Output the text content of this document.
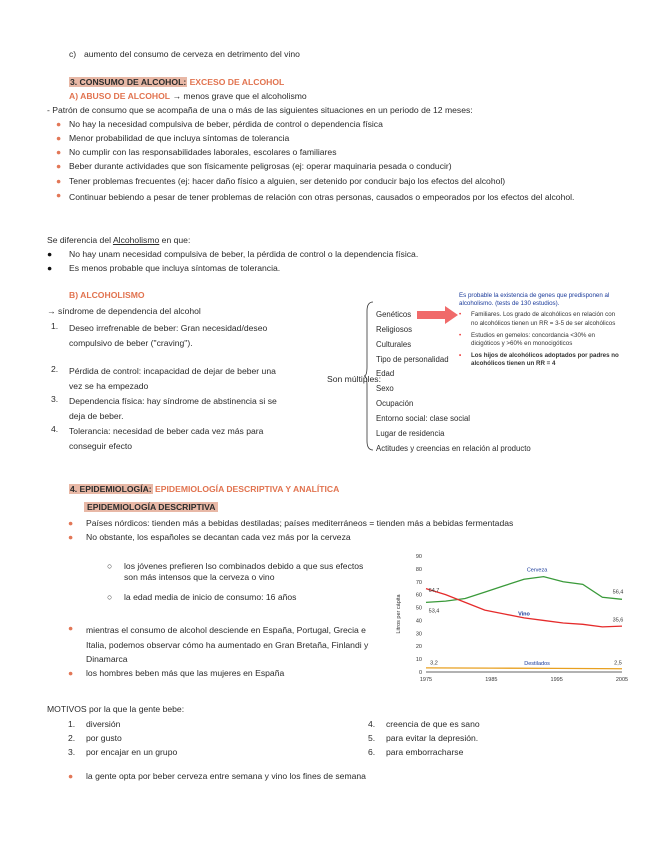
c) aumento del consumo de cerveza en detrimento del vino
3. CONSUMO DE ALCOHOL: EXCESO DE ALCOHOL
A) ABUSO DE ALCOHOL → menos grave que el alcoholismo
- Patrón de consumo que se acompaña de una o más de las siguientes situaciones en un periodo de 12 meses:
● No hay la necesidad compulsiva de beber, pérdida de control o dependencia física
● Menor probabilidad de que incluya síntomas de tolerancia
● No cumplir con las responsabilidades laborales, escolares o familiares
● Beber durante actividades que son físicamente peligrosas (ej: operar maquinaria pesada o conducir)
● Tener problemas frecuentes (ej: hacer daño físico a alguien, ser detenido por conducir bajo los efectos del alcohol)
● Continuar bebiendo a pesar de tener problemas de relación con otras personas, causados o empeorados por los efectos del alcohol.
Se diferencia del Alcoholismo en que:
● No hay unam necesidad compulsiva de beber, la pérdida de control o la dependencia física.
● Es menos probable que incluya síntomas de tolerancia.
B) ALCOHOLISMO
→ síndrome de dependencia del alcohol
1. Deseo irrefrenable de beber: Gran necesidad/deseo compulsivo de beber ("craving").
2. Pérdida de control: incapacidad de dejar de beber una vez se ha empezado
3. Dependencia física: hay síndrome de abstinencia si se deja de beber.
4. Tolerancia: necesidad de beber cada vez más para conseguir efecto
Son múltiples:
Genéticos
Religiosos
Culturales
Tipo de personalidad
Edad
Sexo
Ocupación
Entorno social: clase social
Lugar de residencia
Actitudes y creencias en relación al producto
Es probable la existencia de genes que predisponen al alcoholismo. (tests de 130 estudios).
• Familiares. Los grado de alcohólicos en relación con no alcohólicos tienen un RR = 3-5 de ser alcohólicos
• Estudios en gemelos: concordancia <30% en dicigóticos y >60% en monocigóticos
• Los hijos de alcohólicos adoptados por padres no alcohólicos tienen un RR = 4
4. EPIDEMIOLOGÍA: EPIDEMIOLOGÍA DESCRIPTIVA Y ANALÍTICA
EPIDEMIOLOGÍA DESCRIPTIVA
● Países nórdicos: tienden más a bebidas destiladas; países mediterráneos = tienden más a bebidas fermentadas
● No obstante, los españoles se decantan cada vez más por la cerveza
○ los jóvenes prefieren lso combinados debido a que sus efectos son más intensos que la cerveza o vino
○ la edad media de inicio de consumo: 16 años
● mientras el consumo de alcohol desciende en España, Portugal, Grecia e Italia, podemos observar cómo ha aumentado en Gran Bretaña, Finlandi y Dinamarca
● los hombres beben más que las mujeres en España	0
10
20
30
40
50
60
70
80
90
1975	1985	1995	2005
Litros per cápita
Cerveza
Vino
Destilados
56,4
64,7
35,6
53,4
3,2	2,5
MOTIVOS por la que la gente bebe:
1. diversión
2. por gusto
3. por encajar en un grupo
4. creencia de que es sano
5. para evitar la depresión.
6. para emborracharse
● la gente opta por beber cerveza entre semana y vino los fines de semana
